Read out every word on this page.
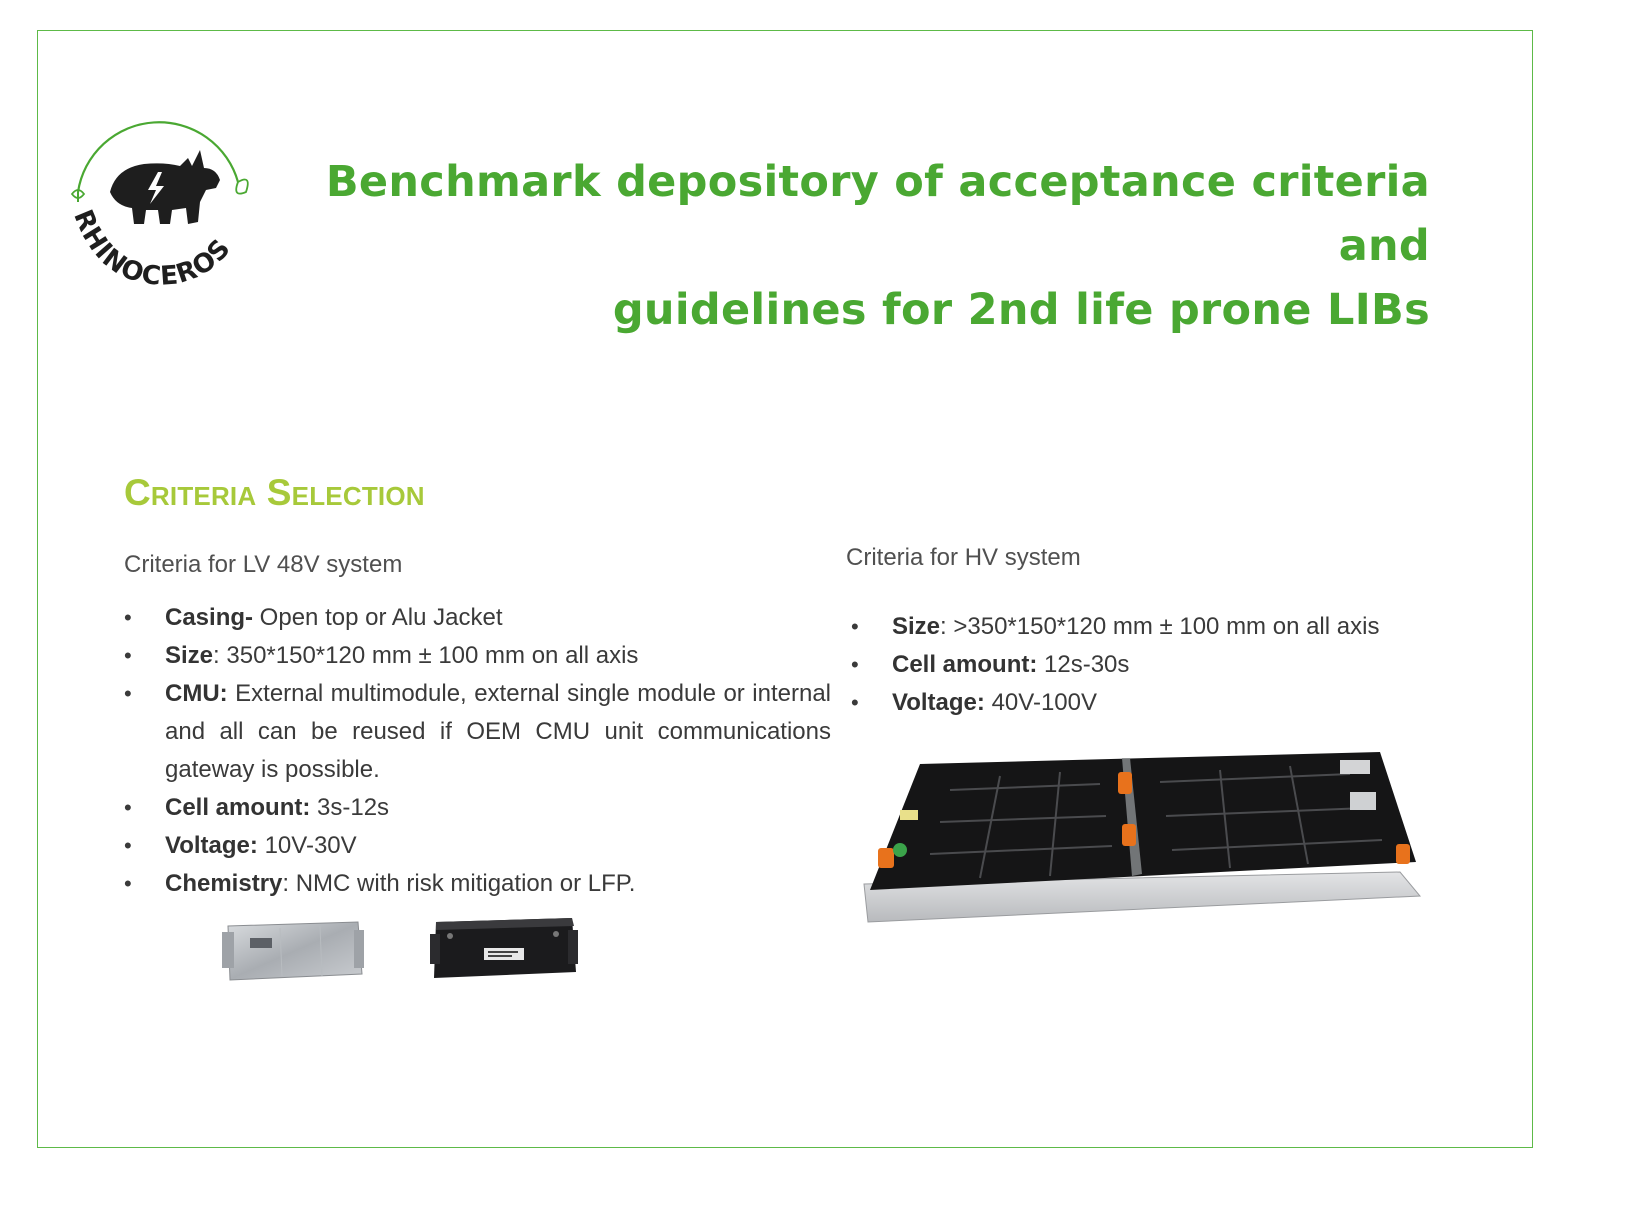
RHINOCEROS
Benchmark depository of acceptance criteria and
guidelines for 2nd life prone LIBs
Criteria Selection
Criteria for LV 48V system
• Casing- Open top or Alu Jacket
• Size: 350*150*120 mm ± 100 mm on all axis
• CMU: External multimodule, external single module or internal and all can be reused if OEM CMU unit communications gateway is possible.
• Cell amount: 3s-12s
• Voltage: 10V-30V
• Chemistry: NMC with risk mitigation or LFP.
Criteria for HV system
• Size: >350*150*120 mm ± 100 mm on all axis
• Cell amount: 12s-30s
• Voltage: 40V-100V
